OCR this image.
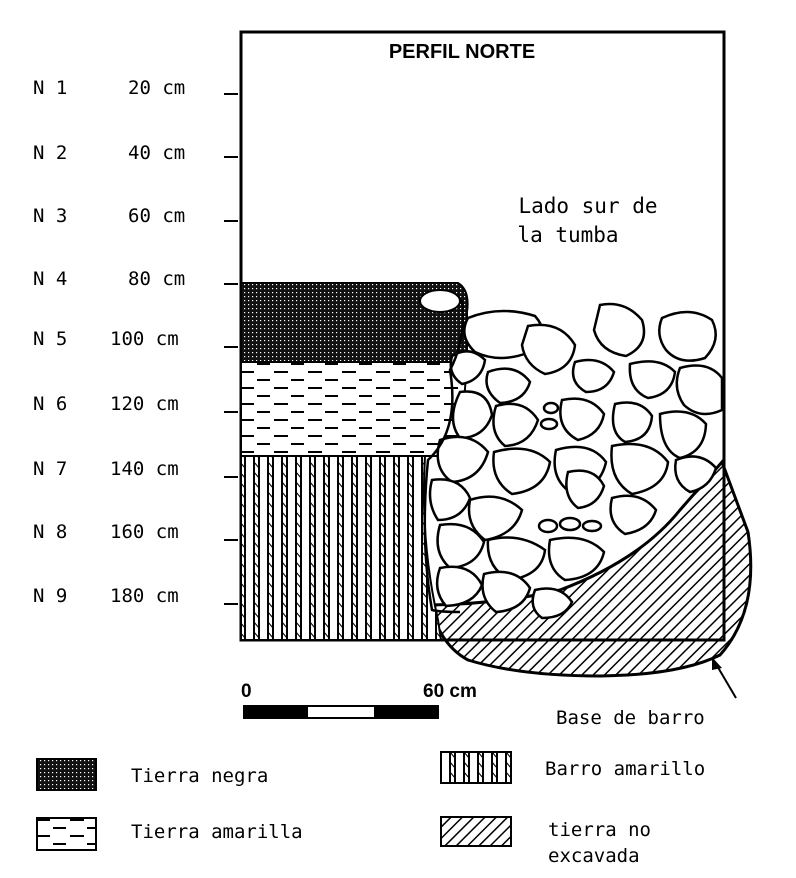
N 1	20 cm
N 2	40 cm
N 3	60 cm
N 4	80 cm
N 5 100 cm
N 6 120 cm
N 7 140 cm
N 8 160 cm
N 9 180 cm
PERFIL NORTE
Lado sur de
la tumba
Base de barro
0	60 cm
Tierra negra	Barro amarillo
Tierra amarilla	tierra no
excavada
